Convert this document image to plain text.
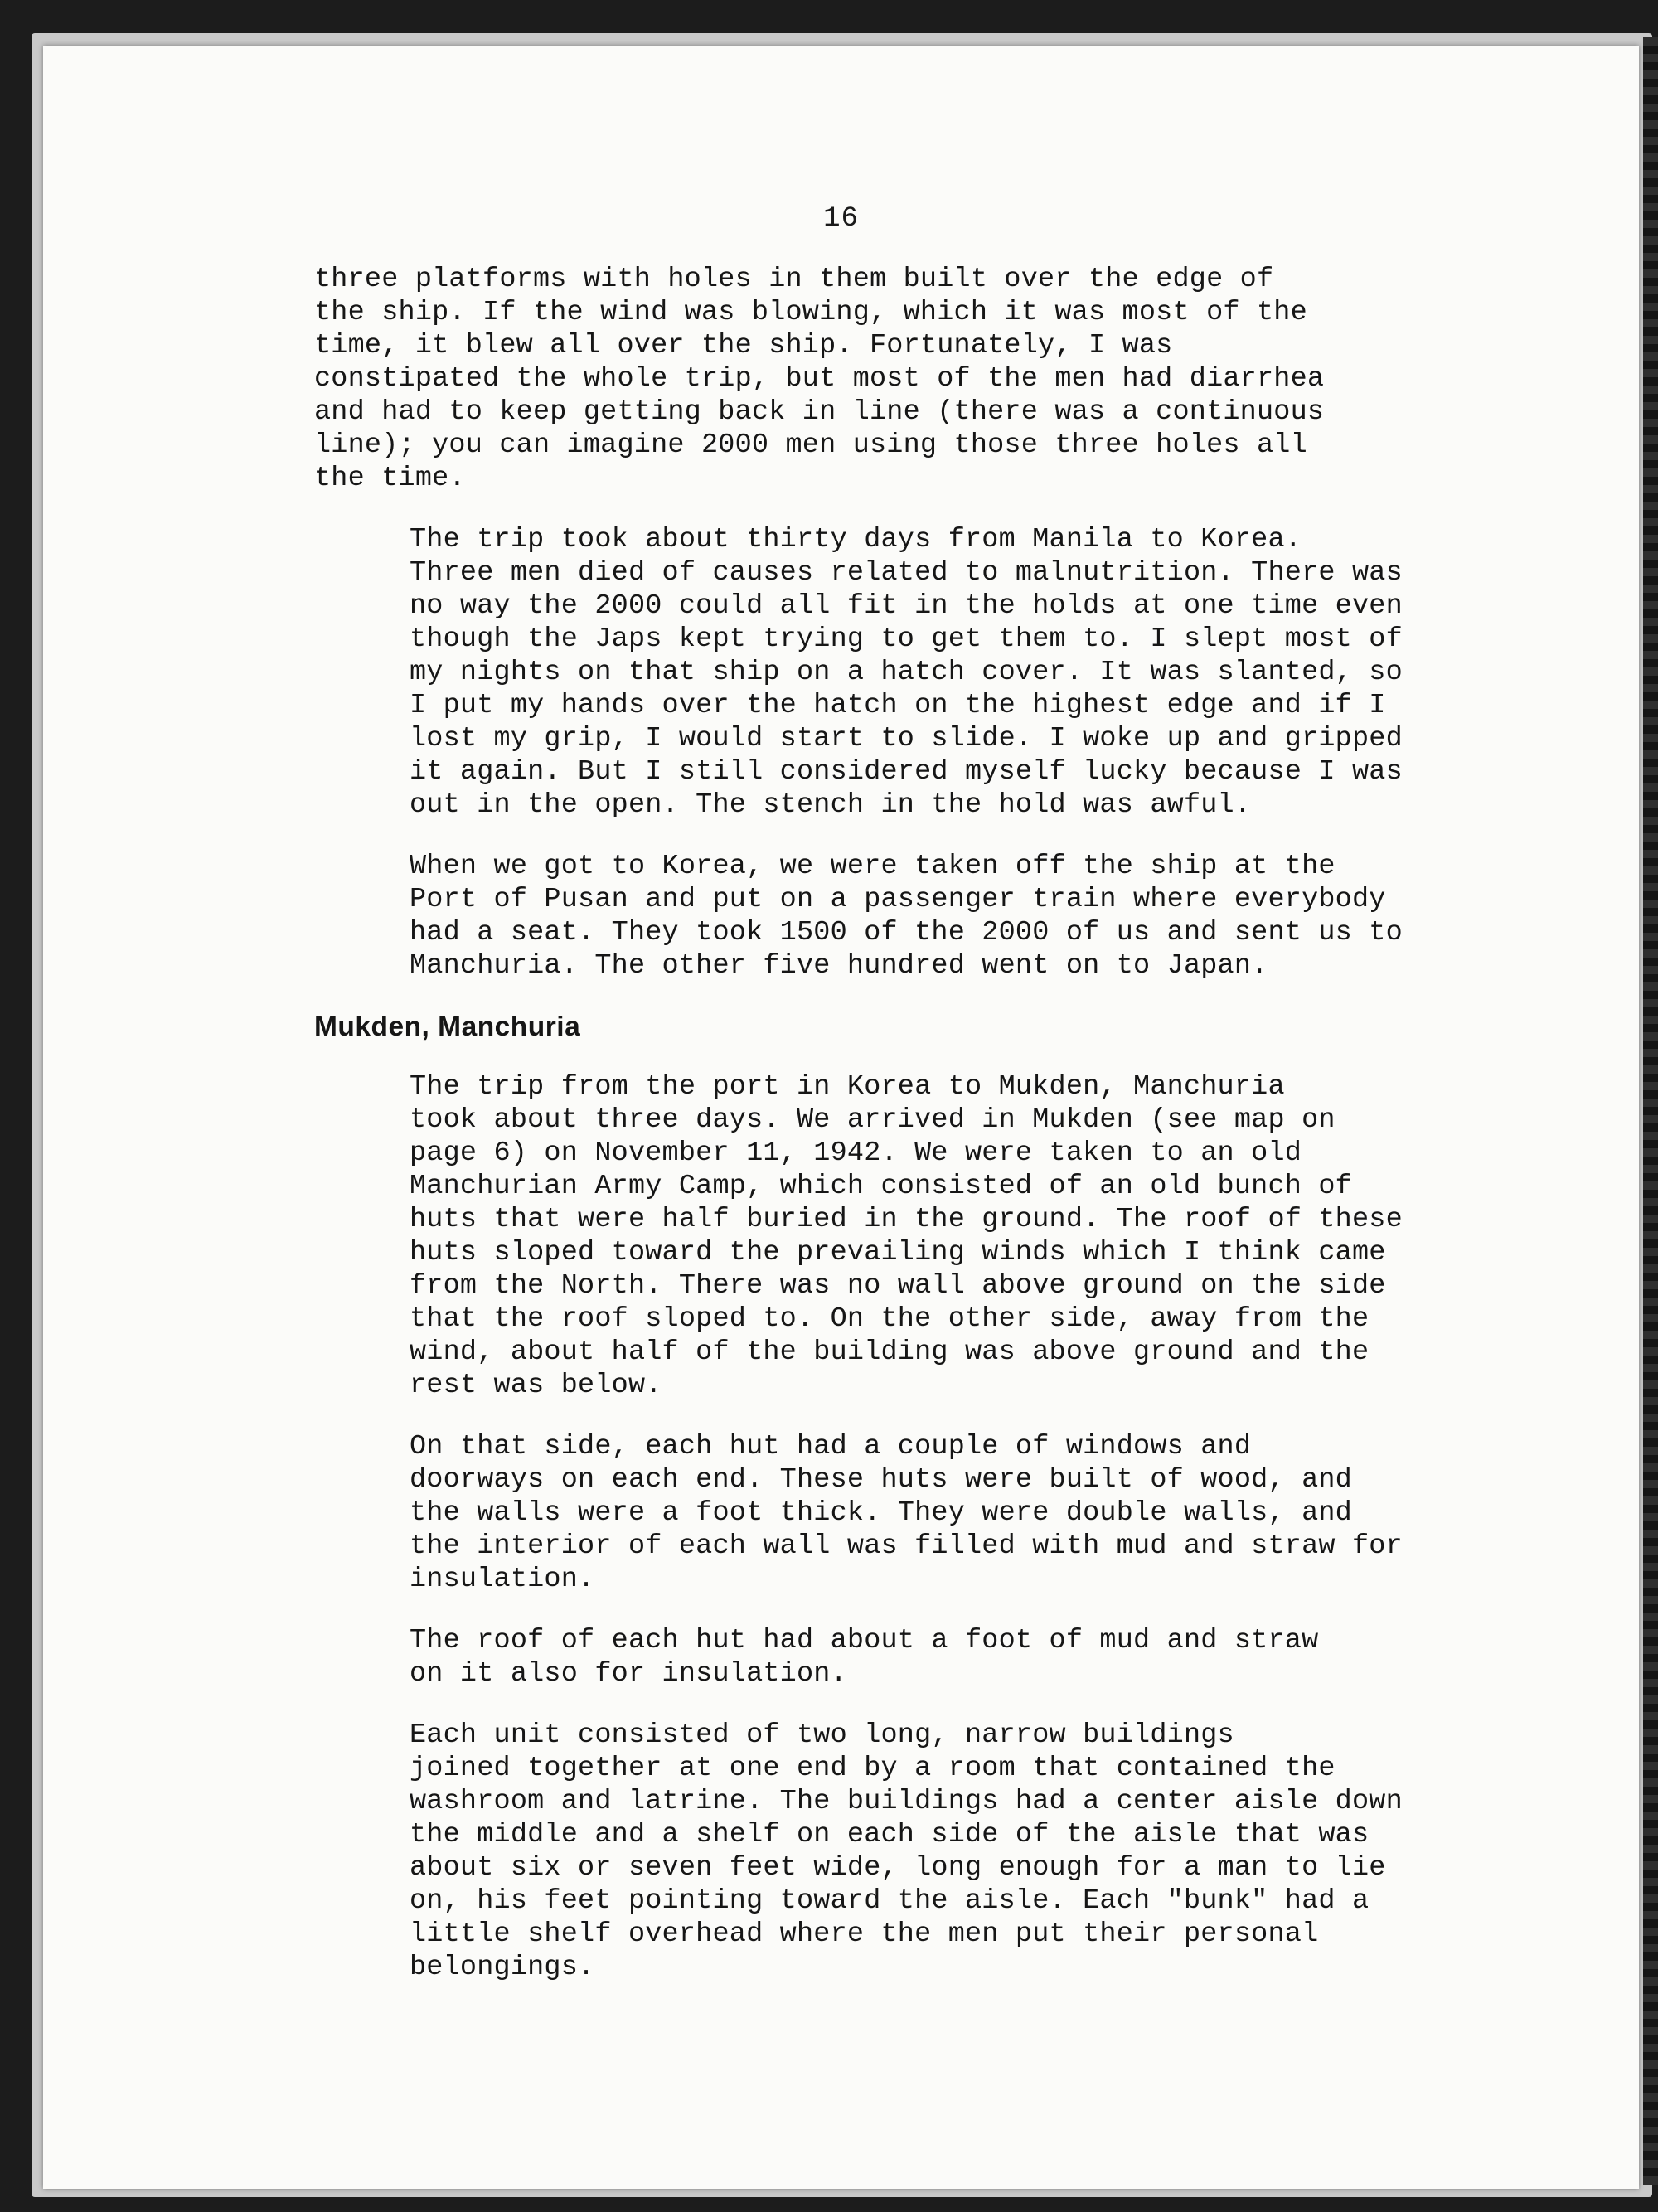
16
three platforms with holes in them built over the edge of
the ship. If the wind was blowing, which it was most of the
time, it blew all over the ship. Fortunately, I was
constipated the whole trip, but most of the men had diarrhea
and had to keep getting back in line (there was a continuous
line); you can imagine 2000 men using those three holes all
the time.
The trip took about thirty days from Manila to Korea.
Three men died of causes related to malnutrition. There was
no way the 2000 could all fit in the holds at one time even
though the Japs kept trying to get them to. I slept most of
my nights on that ship on a hatch cover. It was slanted, so
I put my hands over the hatch on the highest edge and if I
lost my grip, I would start to slide. I woke up and gripped
it again. But I still considered myself lucky because I was
out in the open. The stench in the hold was awful.
When we got to Korea, we were taken off the ship at the
Port of Pusan and put on a passenger train where everybody
had a seat. They took 1500 of the 2000 of us and sent us to
Manchuria. The other five hundred went on to Japan.
Mukden, Manchuria
The trip from the port in Korea to Mukden, Manchuria
took about three days. We arrived in Mukden (see map on
page 6) on November 11, 1942. We were taken to an old
Manchurian Army Camp, which consisted of an old bunch of
huts that were half buried in the ground. The roof of these
huts sloped toward the prevailing winds which I think came
from the North. There was no wall above ground on the side
that the roof sloped to. On the other side, away from the
wind, about half of the building was above ground and the
rest was below.
On that side, each hut had a couple of windows and
doorways on each end. These huts were built of wood, and
the walls were a foot thick. They were double walls, and
the interior of each wall was filled with mud and straw for
insulation.
The roof of each hut had about a foot of mud and straw
on it also for insulation.
Each unit consisted of two long, narrow buildings
joined together at one end by a room that contained the
washroom and latrine. The buildings had a center aisle down
the middle and a shelf on each side of the aisle that was
about six or seven feet wide, long enough for a man to lie
on, his feet pointing toward the aisle. Each "bunk" had a
little shelf overhead where the men put their personal
belongings.
